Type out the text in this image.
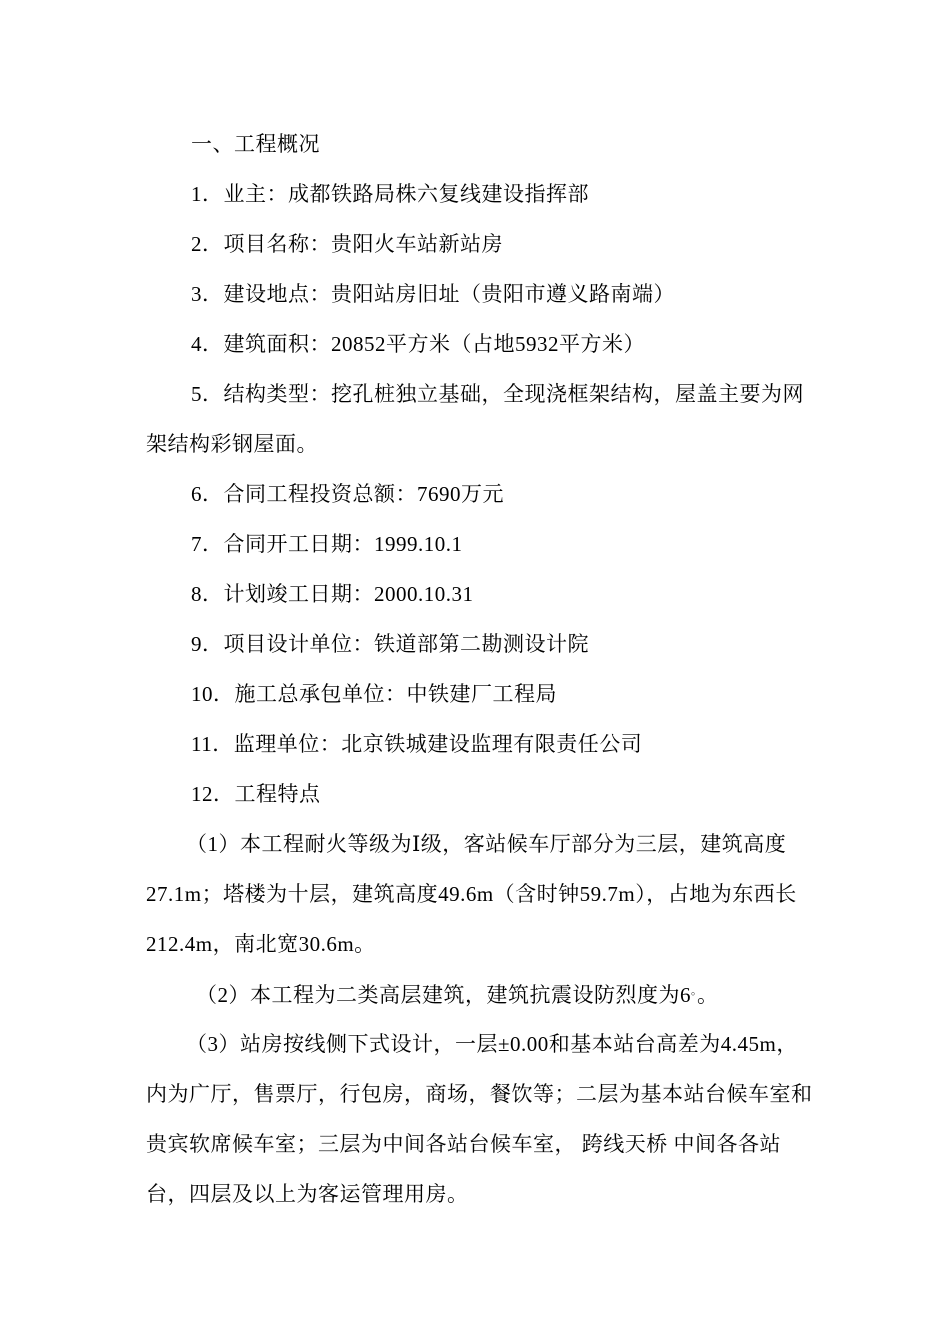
一、工程概况
1．业主：成都铁路局株六复线建设指挥部
2．项目名称：贵阳火车站新站房
3．建设地点：贵阳站房旧址（贵阳市遵义路南端）
4．建筑面积：20852平方米（占地5932平方米）
5．结构类型：挖孔桩独立基础，全现浇框架结构，屋盖主要为网
架结构彩钢屋面。
6．合同工程投资总额：7690万元
7．合同开工日期：1999.10.1
8．计划竣工日期：2000.10.31
9．项目设计单位：铁道部第二勘测设计院
10．施工总承包单位：中铁建厂工程局
11．监理单位：北京铁城建设监理有限责任公司
12．工程特点
（1）本工程耐火等级为Ⅰ级，客站候车厅部分为三层，建筑高度
27.1m；塔楼为十层，建筑高度49.6m（含时钟59.7m），占地为东西长
212.4m，南北宽30.6m。
（2）本工程为二类高层建筑，建筑抗震设防烈度为6。。
（3）站房按线侧下式设计，一层±0.00和基本站台高差为4.45m，
内为广厅，售票厅，行包房，商场，餐饮等；二层为基本站台候车室和
贵宾软席候车室；三层为中间各站台候车室， 跨线天桥 中间各各站
台，四层及以上为客运管理用房。
